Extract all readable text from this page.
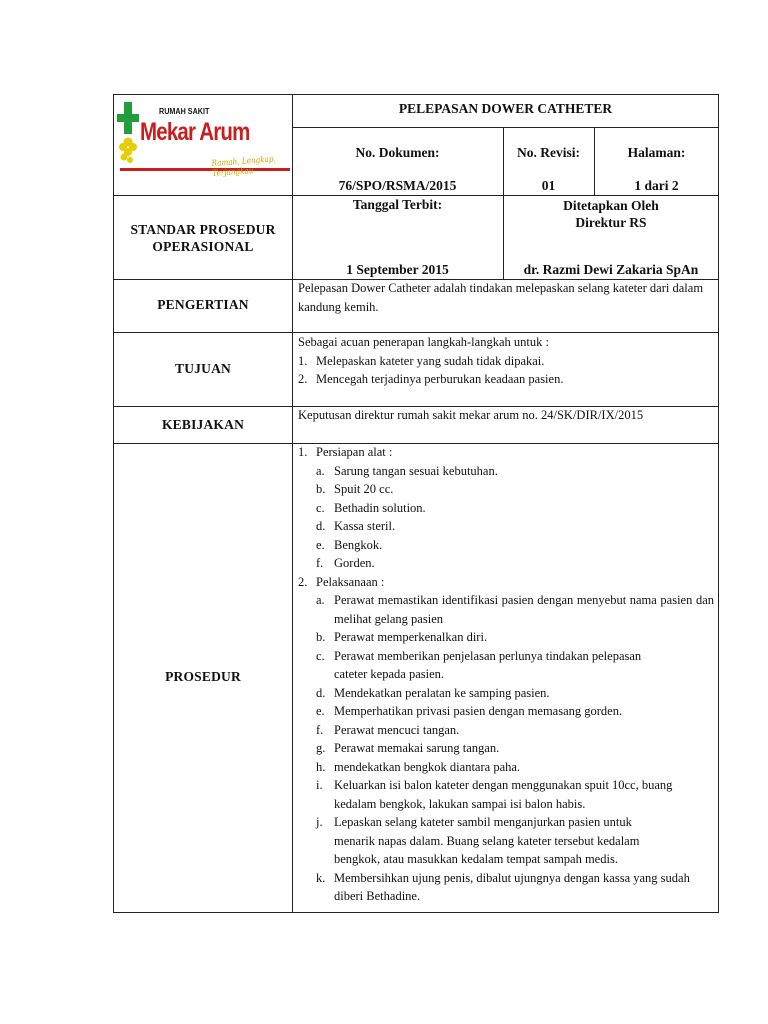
RUMAH SAKIT
Mekar Arum
Ramah, Lengkap, Terjangkau
PELEPASAN DOWER CATHETER
No. Dokumen:
76/SPO/RSMA/2015
No. Revisi:
01
Halaman:
1 dari 2
STANDAR PROSEDUR
OPERASIONAL
Tanggal Terbit:
1 September 2015
Ditetapkan Oleh
Direktur RS
dr. Razmi Dewi Zakaria SpAn
PENGERTIAN
Pelepasan Dower Catheter adalah tindakan melepaskan selang kateter dari dalam kandung kemih.
TUJUAN
Sebagai acuan penerapan langkah-langkah untuk :
1. Melepaskan kateter yang sudah tidak dipakai.
2. Mencegah terjadinya perburukan keadaan pasien.
KEBIJAKAN
Keputusan direktur rumah sakit mekar arum no. 24/SK/DIR/IX/2015
PROSEDUR
1. Persiapan alat :
a. Sarung tangan sesuai kebutuhan.
b. Spuit 20 cc.
c. Bethadin solution.
d. Kassa steril.
e. Bengkok.
f. Gorden.
2. Pelaksanaan :
a. Perawat memastikan identifikasi pasien dengan menyebut nama pasien dan melihat gelang pasien
b. Perawat memperkenalkan diri.
c. Perawat memberikan penjelasan perlunya tindakan pelepasan cateter kepada pasien.
d. Mendekatkan peralatan ke samping pasien.
e. Memperhatikan privasi pasien dengan memasang gorden.
f. Perawat mencuci tangan.
g. Perawat memakai sarung tangan.
h. mendekatkan bengkok diantara paha.
i. Keluarkan isi balon kateter dengan menggunakan spuit 10cc, buang kedalam bengkok, lakukan sampai isi balon habis.
j. Lepaskan selang kateter sambil menganjurkan pasien untuk menarik napas dalam. Buang selang kateter tersebut kedalam bengkok, atau masukkan kedalam tempat sampah medis.
k. Membersihkan ujung penis, dibalut ujungnya dengan kassa yang sudah diberi Bethadine.
